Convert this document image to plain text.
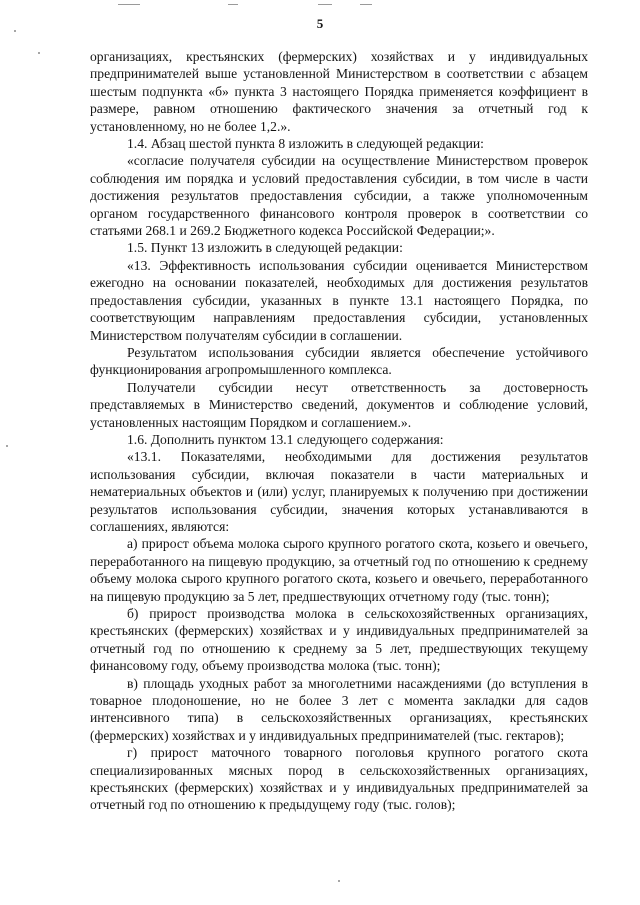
5

организациях, крестьянских (фермерских) хозяйствах и у индивидуальных предпринимателей выше установленной Министерством в соответствии с абзацем шестым подпункта «б» пункта 3 настоящего Порядка применяется коэффициент в размере, равном отношению фактического значения за отчетный год к установленному, но не более 1,2.».

1.4. Абзац шестой пункта 8 изложить в следующей редакции:

«согласие получателя субсидии на осуществление Министерством проверок соблюдения им порядка и условий предоставления субсидии, в том числе в части достижения результатов предоставления субсидии, а также уполномоченным органом государственного финансового контроля проверок в соответствии со статьями 268.1 и 269.2 Бюджетного кодекса Российской Федерации;».

1.5. Пункт 13 изложить в следующей редакции:

«13. Эффективность использования субсидии оценивается Министерством ежегодно на основании показателей, необходимых для достижения результатов предоставления субсидии, указанных в пункте 13.1 настоящего Порядка, по соответствующим направлениям предоставления субсидии, установленных Министерством получателям субсидии в соглашении.

Результатом использования субсидии является обеспечение устойчивого функционирования агропромышленного комплекса.

Получатели субсидии несут ответственность за достоверность представляемых в Министерство сведений, документов и соблюдение условий, установленных настоящим Порядком и соглашением.».

1.6. Дополнить пунктом 13.1 следующего содержания:

«13.1. Показателями, необходимыми для достижения результатов использования субсидии, включая показатели в части материальных и нематериальных объектов и (или) услуг, планируемых к получению при достижении результатов использования субсидии, значения которых устанавливаются в соглашениях, являются:

а) прирост объема молока сырого крупного рогатого скота, козьего и овечьего, переработанного на пищевую продукцию, за отчетный год по отношению к среднему объему молока сырого крупного рогатого скота, козьего и овечьего, переработанного на пищевую продукцию за 5 лет, предшествующих отчетному году (тыс. тонн);

б) прирост производства молока в сельскохозяйственных организациях, крестьянских (фермерских) хозяйствах и у индивидуальных предпринимателей за отчетный год по отношению к среднему за 5 лет, предшествующих текущему финансовому году, объему производства молока (тыс. тонн);

в) площадь уходных работ за многолетними насаждениями (до вступления в товарное плодоношение, но не более 3 лет с момента закладки для садов интенсивного типа) в сельскохозяйственных организациях, крестьянских (фермерских) хозяйствах и у индивидуальных предпринимателей (тыс. гектаров);

г) прирост маточного товарного поголовья крупного рогатого скота специализированных мясных пород в сельскохозяйственных организациях, крестьянских (фермерских) хозяйствах и у индивидуальных предпринимателей за отчетный год по отношению к предыдущему году (тыс. голов);
